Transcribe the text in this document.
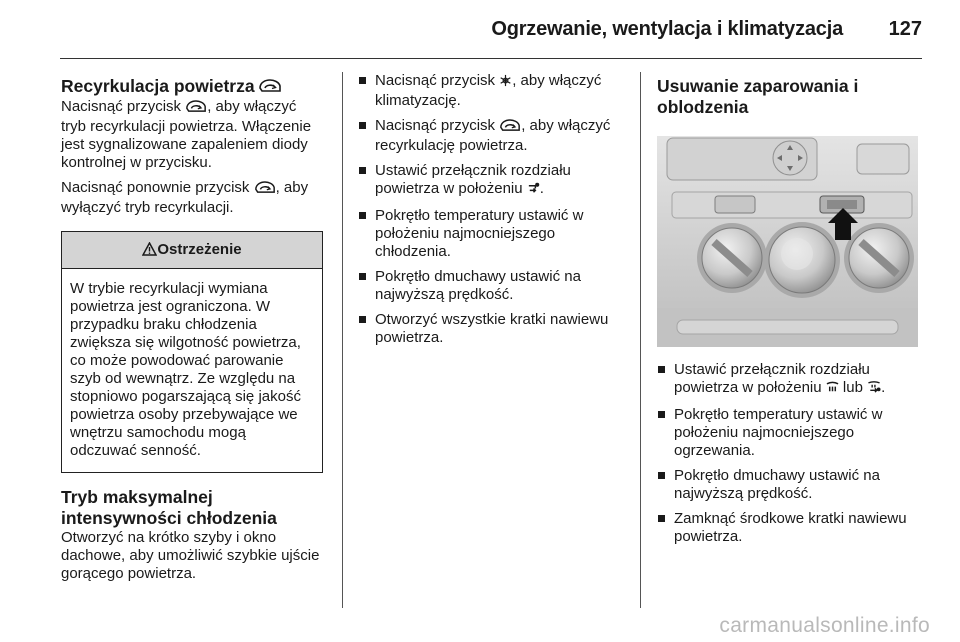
Ogrzewanie, wentylacja i klimatyzacja 127
Recyrkulacja powietrza

Nacisnąć przycisk , aby włączyć tryb recyrkulacji powietrza. Włączenie jest sygnalizowane zapaleniem diody kontrolnej w przycisku.

Nacisnąć ponownie przycisk , aby wyłączyć tryb recyrkulacji.

Ostrzeżenie
W trybie recyrkulacji wymiana powietrza jest ograniczona. W przypadku braku chłodzenia zwiększa się wilgotność powietrza, co może powodować parowanie szyb od wewnątrz. Ze względu na stopniowo pogarszającą się jakość powietrza osoby przebywające we wnętrzu samochodu mogą odczuwać senność.
Tryb maksymalnej intensywności chłodzenia

Otworzyć na krótko szyby i okno dachowe, aby umożliwić szybkie ujście gorącego powietrza.

Nacisnąć przycisk , aby włączyć klimatyzację.
Nacisnąć przycisk , aby włączyć recyrkulację powietrza.
Ustawić przełącznik rozdziału powietrza w położeniu .
Pokrętło temperatury ustawić w położeniu najmocniejszego chłodzenia.
Pokrętło dmuchawy ustawić na najwyższą prędkość.
Otworzyć wszystkie kratki nawiewu powietrza.
Usuwanie zaparowania i oblodzenia
Ustawić przełącznik rozdziału powietrza w położeniu  lub .
Pokrętło temperatury ustawić w położeniu najmocniejszego ogrzewania.
Pokrętło dmuchawy ustawić na najwyższą prędkość.
Zamknąć środkowe kratki nawiewu powietrza.
carmanualsonline.info
